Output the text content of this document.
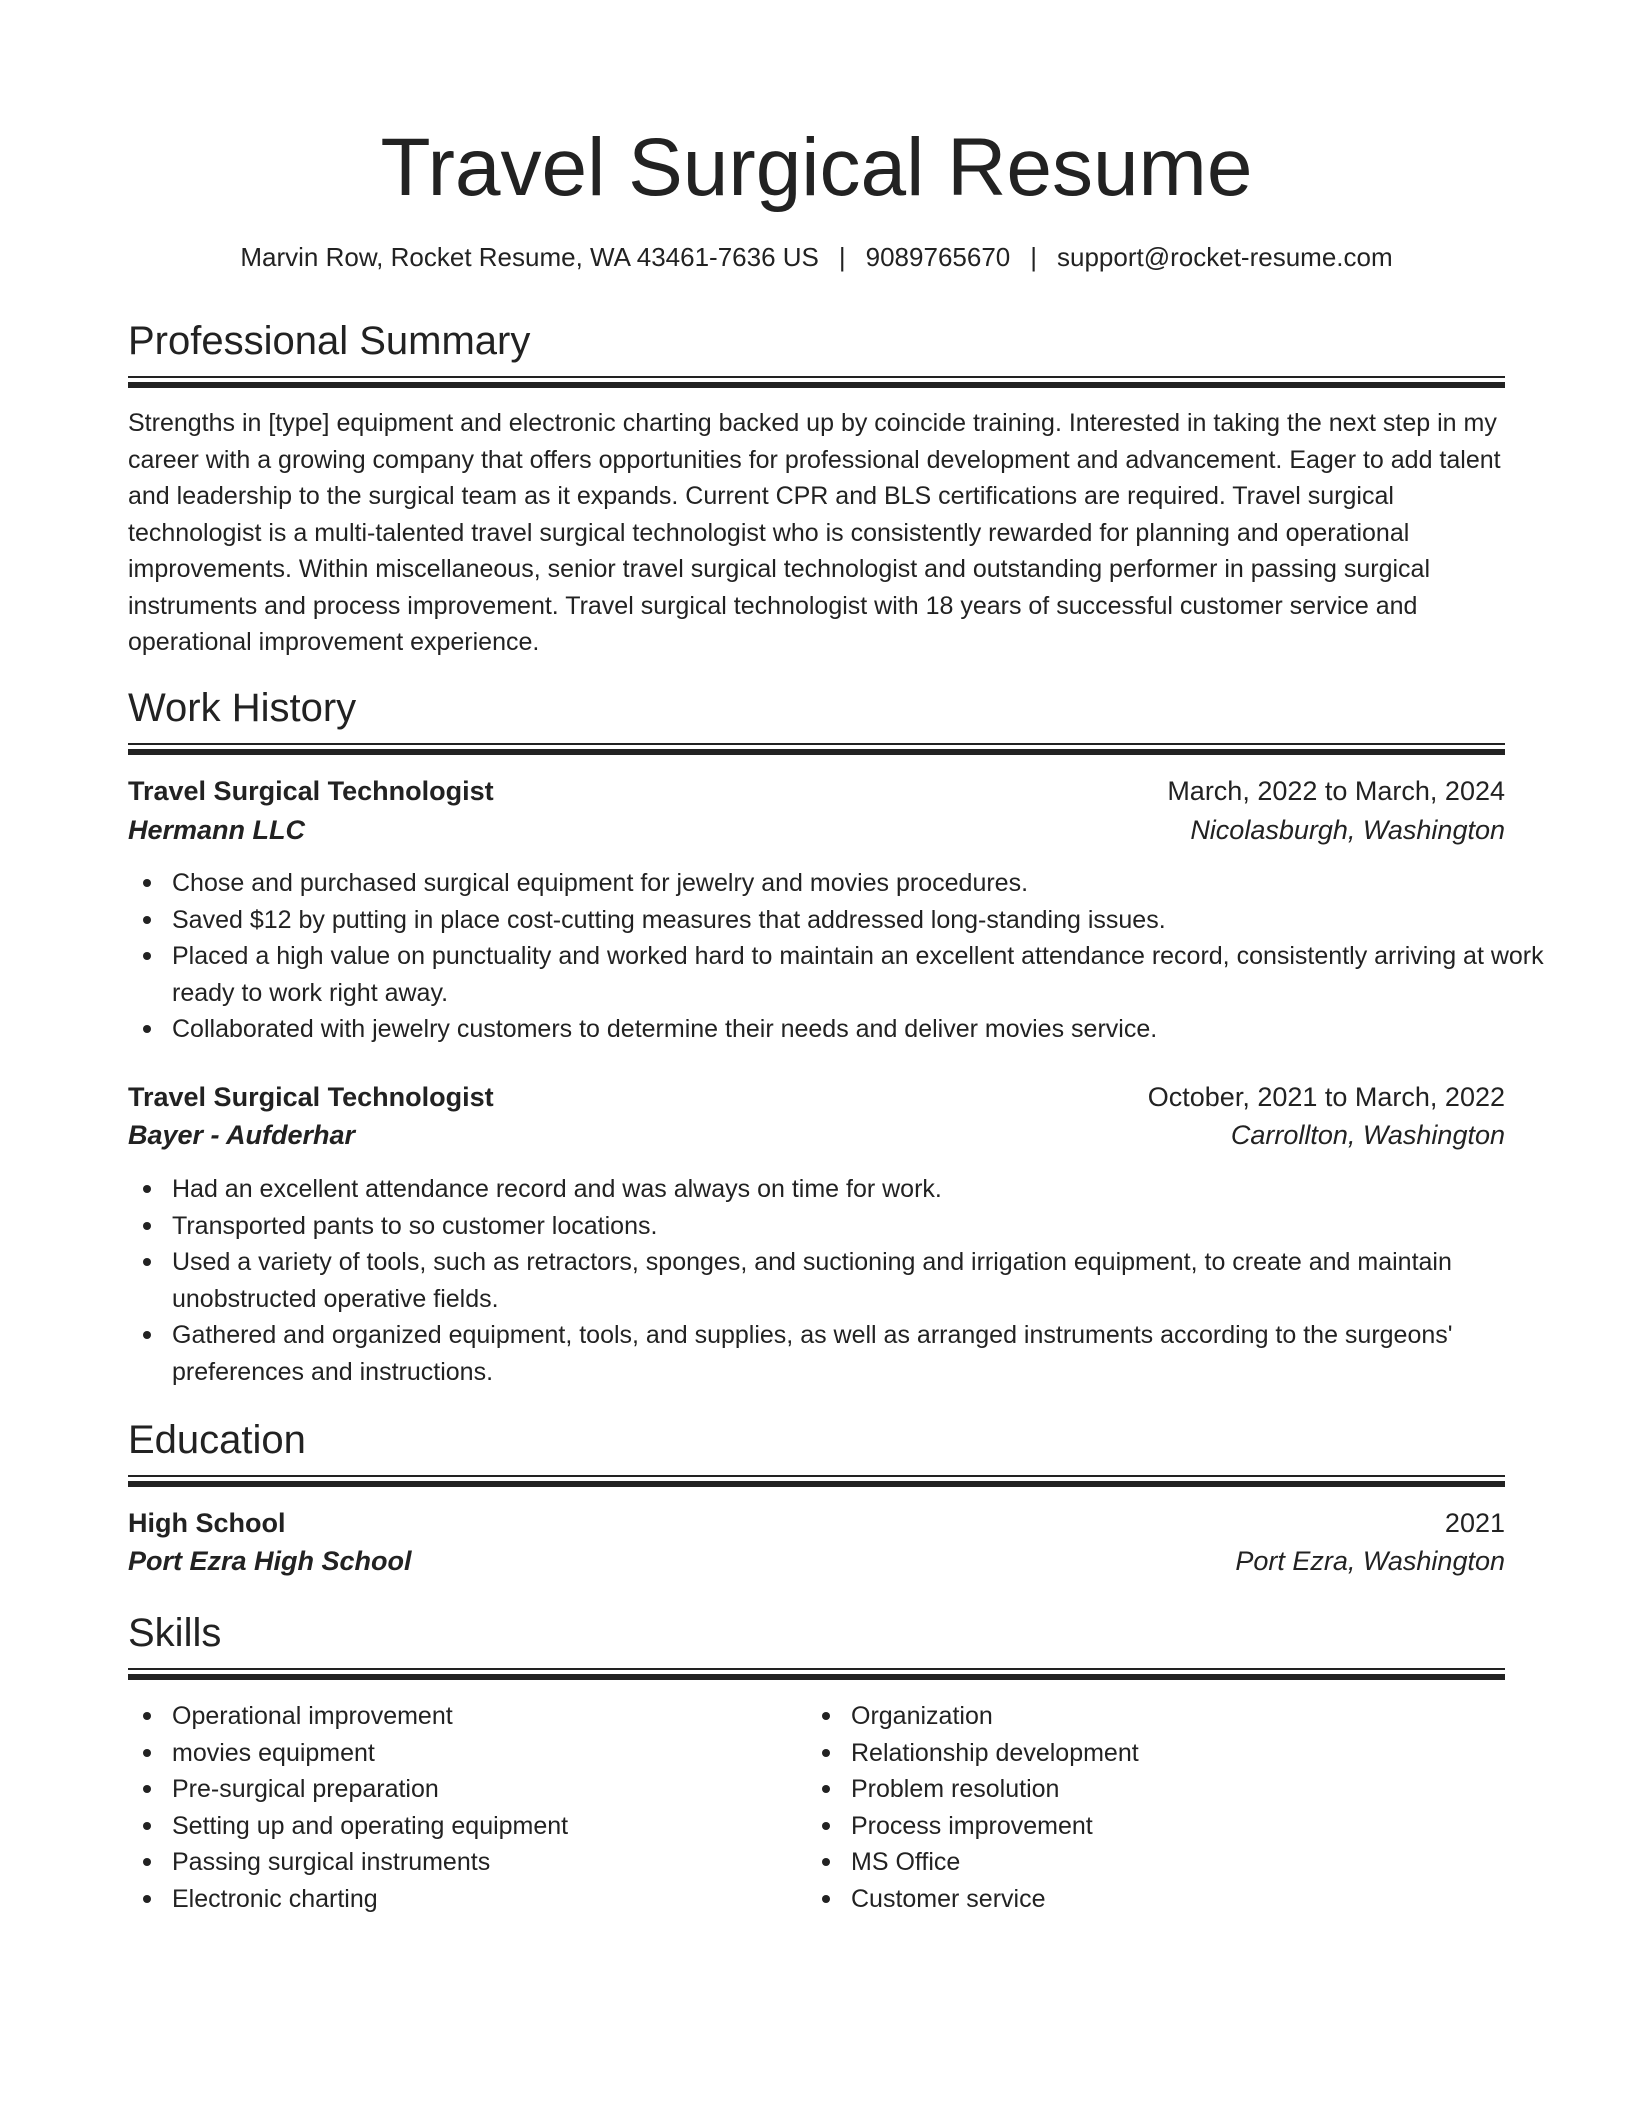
Travel Surgical Resume
Marvin Row, Rocket Resume, WA 43461-7636 US | 9089765670 | support@rocket-resume.com
Professional Summary

Strengths in [type] equipment and electronic charting backed up by coincide training. Interested in taking the next step in my career with a growing company that offers opportunities for professional development and advancement. Eager to add talent and leadership to the surgical team as it expands. Current CPR and BLS certifications are required. Travel surgical technologist is a multi-talented travel surgical technologist who is consistently rewarded for planning and operational improvements. Within miscellaneous, senior travel surgical technologist and outstanding performer in passing surgical instruments and process improvement. Travel surgical technologist with 18 years of successful customer service and operational improvement experience.

Work History
Travel Surgical Technologist	March, 2022 to March, 2024
Hermann LLC	Nicolasburgh, Washington
Chose and purchased surgical equipment for jewelry and movies procedures.
Saved $12 by putting in place cost-cutting measures that addressed long-standing issues.
Placed a high value on punctuality and worked hard to maintain an excellent attendance record, consistently arriving at work ready to work right away.
Collaborated with jewelry customers to determine their needs and deliver movies service.
Travel Surgical Technologist	October, 2021 to March, 2022
Bayer - Aufderhar	Carrollton, Washington
Had an excellent attendance record and was always on time for work.
Transported pants to so customer locations.
Used a variety of tools, such as retractors, sponges, and suctioning and irrigation equipment, to create and maintain unobstructed operative fields.
Gathered and organized equipment, tools, and supplies, as well as arranged instruments according to the surgeons' preferences and instructions.
Education
High School	2021
Port Ezra High School	Port Ezra, Washington
Skills
Operational improvement
movies equipment
Pre-surgical preparation
Setting up and operating equipment
Passing surgical instruments
Electronic charting
Organization
Relationship development
Problem resolution
Process improvement
MS Office
Customer service
